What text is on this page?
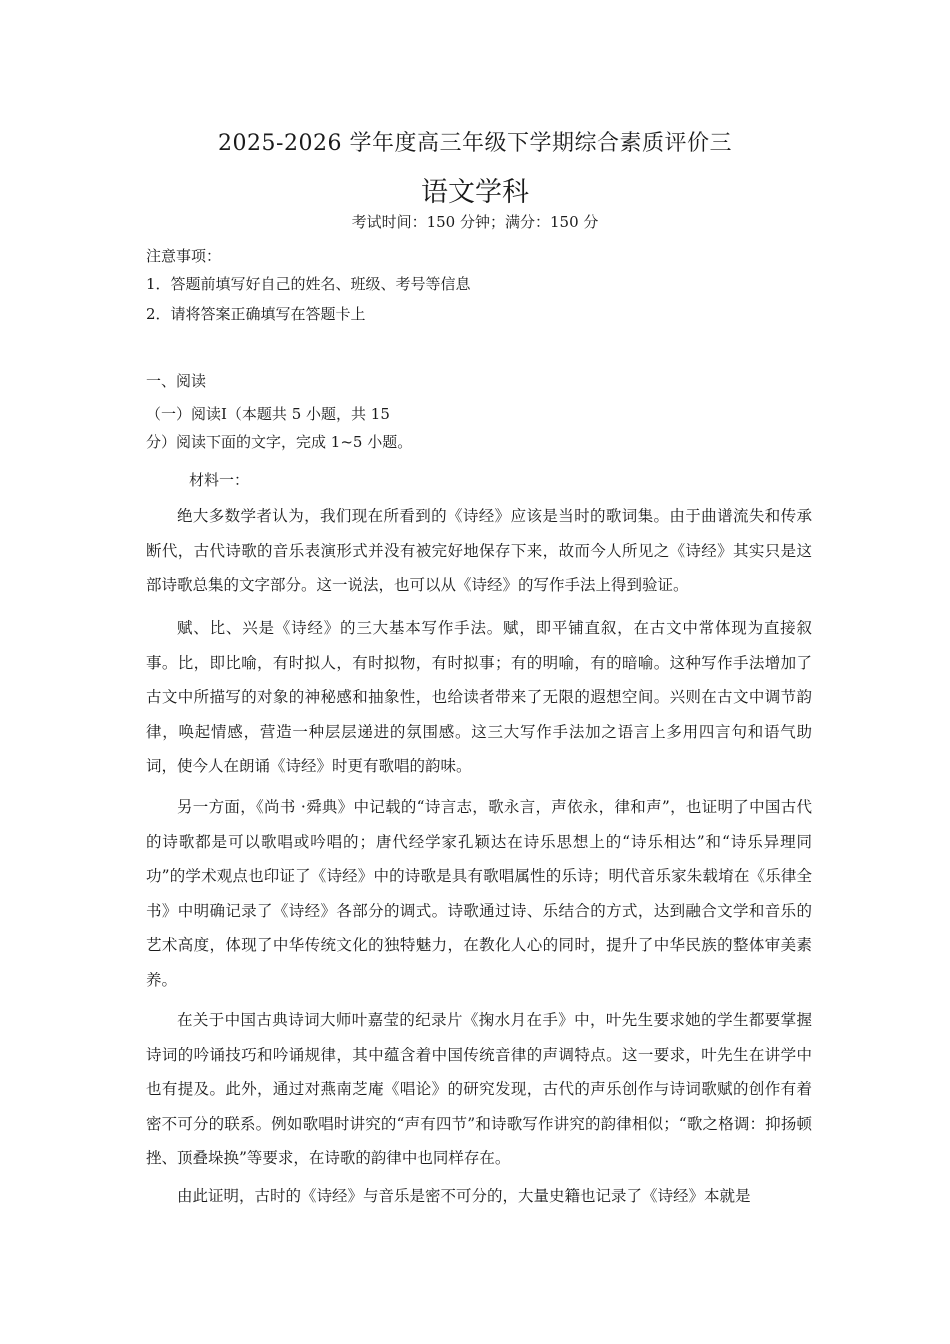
2025-2026 学年度高三年级下学期综合素质评价三
语文学科
考试时间：150 分钟；满分：150 分
注意事项：
1．答题前填写好自己的姓名、班级、考号等信息
2．请将答案正确填写在答题卡上
一、阅读
（一）阅读Ⅰ（本题共 5 小题，共 15
分）阅读下面的文字，完成 1~5 小题。
材料一：

绝大多数学者认为，我们现在所看到的《诗经》应该是当时的歌词集。由于曲谱流失和传承断代，古代诗歌的音乐表演形式并没有被完好地保存下来，故而今人所见之《诗经》其实只是这部诗歌总集的文字部分。这一说法，也可以从《诗经》的写作手法上得到验证。

赋、比、兴是《诗经》的三大基本写作手法。赋，即平铺直叙，在古文中常体现为直接叙事。比，即比喻，有时拟人，有时拟物，有时拟事；有的明喻，有的暗喻。这种写作手法增加了古文中所描写的对象的神秘感和抽象性，也给读者带来了无限的遐想空间。兴则在古文中调节韵律，唤起情感，营造一种层层递进的氛围感。这三大写作手法加之语言上多用四言句和语气助词，使今人在朗诵《诗经》时更有歌唱的韵味。

另一方面，《尚书 ·舜典》中记载的“诗言志，歌永言，声依永，律和声”，也证明了中国古代的诗歌都是可以歌唱或吟唱的；唐代经学家孔颖达在诗乐思想上的“诗乐相达”和“诗乐异理同功”的学术观点也印证了《诗经》中的诗歌是具有歌唱属性的乐诗；明代音乐家朱载堉在《乐律全书》中明确记录了《诗经》各部分的调式。诗歌通过诗、乐结合的方式，达到融合文学和音乐的艺术高度，体现了中华传统文化的独特魅力，在教化人心的同时，提升了中华民族的整体审美素养。

在关于中国古典诗词大师叶嘉莹的纪录片《掬水月在手》中，叶先生要求她的学生都要掌握诗词的吟诵技巧和吟诵规律，其中蕴含着中国传统音律的声调特点。这一要求，叶先生在讲学中也有提及。此外，通过对燕南芝庵《唱论》的研究发现，古代的声乐创作与诗词歌赋的创作有着密不可分的联系。例如歌唱时讲究的“声有四节”和诗歌写作讲究的韵律相似；“歌之格调：抑扬顿挫、顶叠垛换”等要求，在诗歌的韵律中也同样存在。

由此证明，古时的《诗经》与音乐是密不可分的，大量史籍也记录了《诗经》本就是
